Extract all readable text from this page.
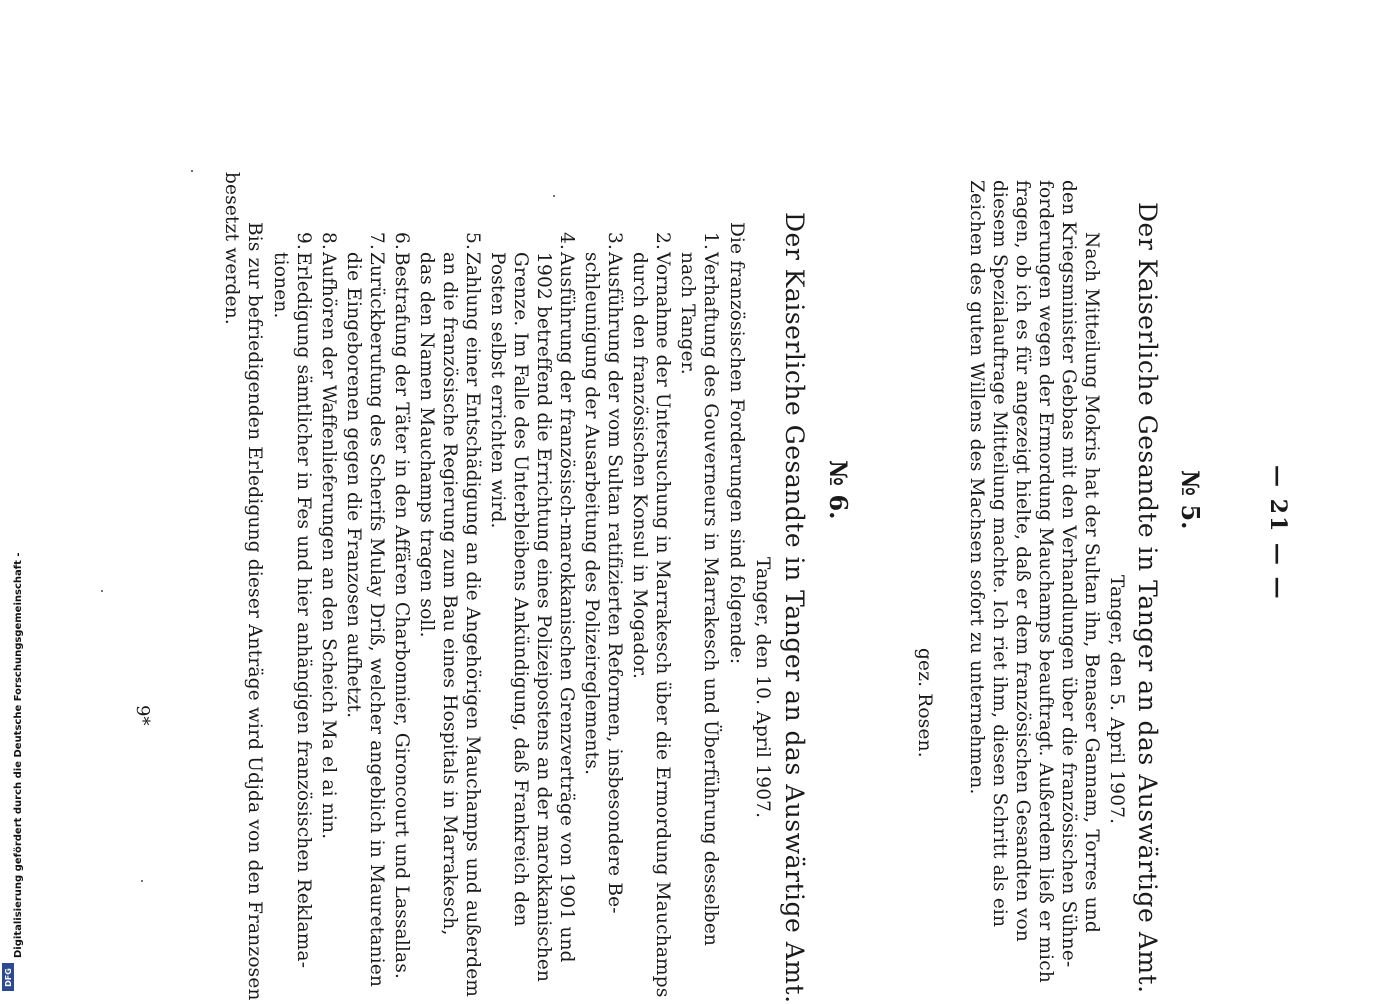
— 21 — —
№ 5.
Der Kaiserliche Gesandte in Tanger an das Auswärtige Amt.
Tanger, den 5. April 1907.
Nach Mitteilung Mokris hat der Sultan ihn, Benaser Gannam, Torres und
den Kriegsminister Gebbas mit den Verhandlungen über die französischen Sühne-
forderungen wegen der Ermordung Mauchamps beauftragt. Außerdem ließ er mich
fragen, ob ich es für angezeigt hielte, daß er dem französischen Gesandten von
diesem Spezialauftrage Mitteilung machte. Ich riet ihm, diesen Schritt als ein
Zeichen des guten Willens des Machsen sofort zu unternehmen.
gez. Rosen.
№ 6.
Der Kaiserliche Gesandte in Tanger an das Auswärtige Amt.
Tanger, den 10. April 1907.
Die französischen Forderungen sind folgende:
1.
Verhaftung des Gouverneurs in Marrakesch und Überführung desselben
nach Tanger.
2.
Vornahme der Untersuchung in Marrakesch über die Ermordung Mauchamps
durch den französischen Konsul in Mogador.
3.
Ausführung der vom Sultan ratifizierten Reformen, insbesondere Be-
schleunigung der Ausarbeitung des Polizeireglements.
4.
Ausführung der französisch-marokkanischen Grenzverträge von 1901 und
1902 betreffend die Errichtung eines Polizeipostens an der marokkanischen
Grenze. Im Falle des Unterbleibens Ankündigung, daß Frankreich den
Posten selbst errichten wird.
5.
Zahlung einer Entschädigung an die Angehörigen Mauchamps und außerdem
an die französische Regierung zum Bau eines Hospitals in Marrakesch,
das den Namen Mauchamps tragen soll.
6.
Bestrafung der Täter in den Affären Charbonnier, Gironcourt und Lassallas.
7.
Zurückberufung des Scherifs Mulay Driß, welcher angeblich in Mauretanien
die Eingeborenen gegen die Franzosen aufhetzt.
8.
Aufhören der Waffenlieferungen an den Scheich Ma el ai nin.
9.
Erledigung sämtlicher in Fes und hier anhängigen französischen Reklama-
tionen.
Bis zur befriedigenden Erledigung dieser Anträge wird Udjda von den Franzosen
besetzt werden.
9*
Digitalisierung gefördert durch die Deutsche Forschungsgemeinschaft -
DFG
